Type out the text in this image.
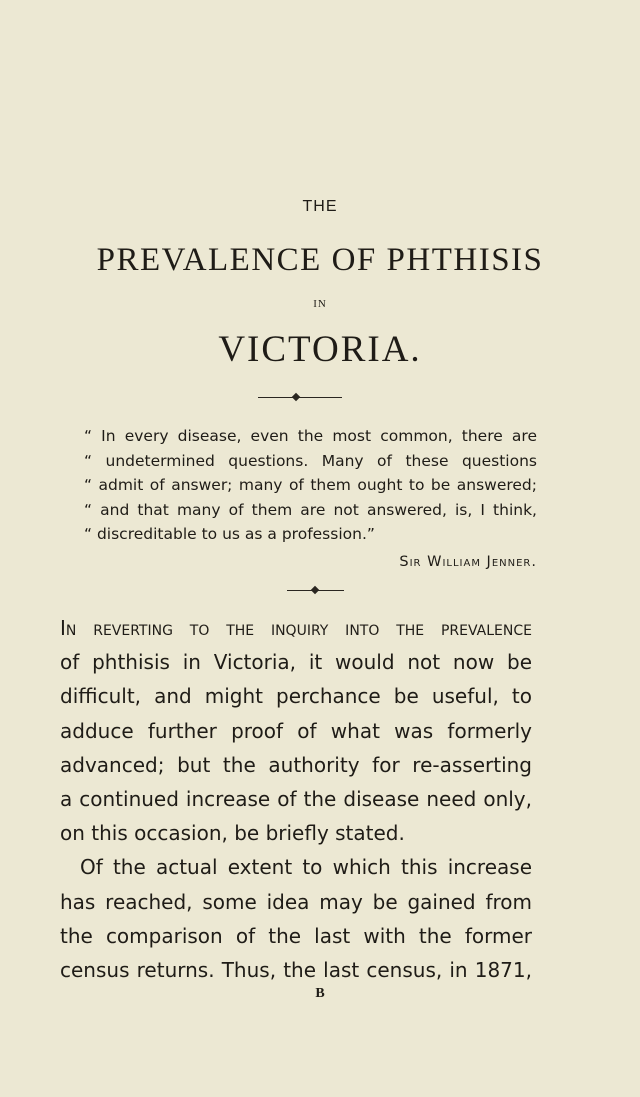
THE
PREVALENCE OF PHTHISIS
IN
VICTORIA.
“ In every disease, even the most common, there are
“ undetermined questions. Many of these questions
“ admit of answer; many of them ought to be answered;
“ and that many of them are not answered, is, I think,
“ discreditable to us as a profession.”
Sir William Jenner.
In reverting to the inquiry into the prevalence
of phthisis in Victoria, it would not now be
difficult, and might perchance be useful, to
adduce further proof of what was formerly
advanced; but the authority for re-asserting
a continued increase of the disease need only,
on this occasion, be briefly stated.
Of the actual extent to which this increase
has reached, some idea may be gained from
the comparison of the last with the former
census returns. Thus, the last census, in 1871,
B
